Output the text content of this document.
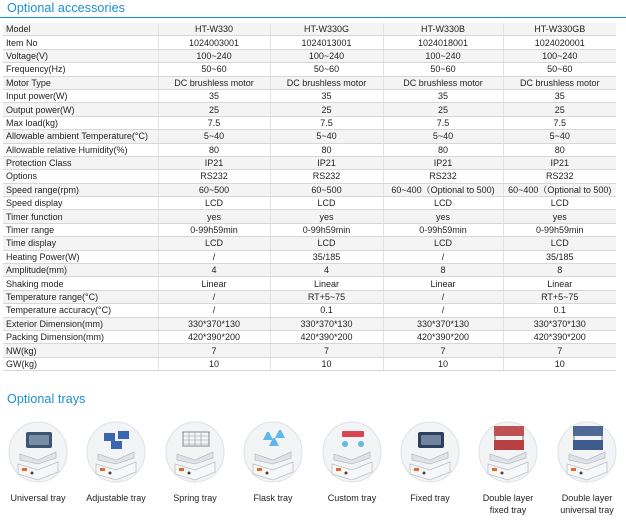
Optional accessories
Model	HT-W330	HT-W330G	HT-W330B	HT-W330GB
Item No	1024003001	1024013001	1024018001	1024020001
Voltage(V)	100~240	100~240	100~240	100~240
Frequency(Hz)	50~60	50~60	50~60	50~60
Motor Type	DC brushless motor	DC brushless motor	DC brushless motor	DC brushless motor
Input power(W)	35	35	35	35
Output power(W)	25	25	25	25
Max load(kg)	7.5	7.5	7.5	7.5
Allowable ambient Temperature(°C)	5~40	5~40	5~40	5~40
Allowable relative Humidity(%)	80	80	80	80
Protection Class	IP21	IP21	IP21	IP21
Options	RS232	RS232	RS232	RS232
Speed range(rpm)	60~500	60~500	60~400（Optional to 500)	60~400（Optional to 500)
Speed display	LCD	LCD	LCD	LCD
Timer function	yes	yes	yes	yes
Timer range	0-99h59min	0-99h59min	0-99h59min	0-99h59min
Time display	LCD	LCD	LCD	LCD
Heating Power(W)	/	35/185	/	35/185
Amplitude(mm)	4	4	8	8
Shaking mode	Linear	Linear	Linear	Linear
Temperature range(°C)	/	RT+5~75	/	RT+5~75
Temperature accuracy(°C)	/	0.1	/	0.1
Exterior Dimension(mm)	330*370*130	330*370*130	330*370*130	330*370*130
Packing Dimension(mm)	420*390*200	420*390*200	420*390*200	420*390*200
NW(kg)	7	7	7	7
GW(kg)	10	10	10	10
Optional trays
Universal tray	Adjustable tray	Spring tray	Flask tray	Custom tray	Fixed tray	Double layer
fixed tray
Double layer
universal tray
